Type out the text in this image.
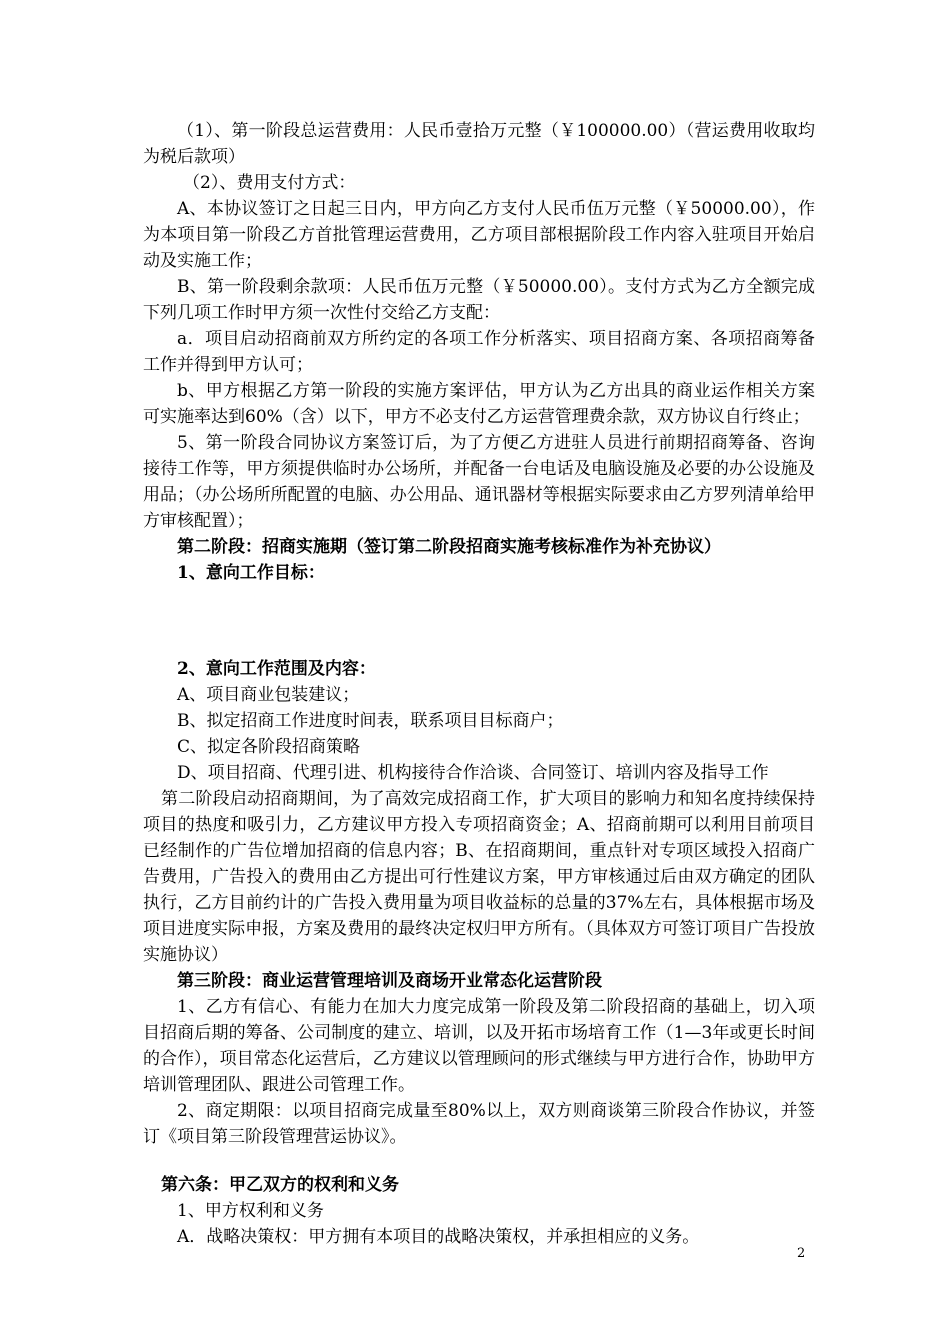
（1）、第一阶段总运营费用：人民币壹拾万元整（￥100000.00）（营运费用收取均为税后款项）

（2）、费用支付方式：

A、本协议签订之日起三日内，甲方向乙方支付人民币伍万元整（￥50000.00），作为本项目第一阶段乙方首批管理运营费用，乙方项目部根据阶段工作内容入驻项目开始启动及实施工作；

B、第一阶段剩余款项：人民币伍万元整（￥50000.00）。支付方式为乙方全额完成下列几项工作时甲方须一次性付交给乙方支配：

a．项目启动招商前双方所约定的各项工作分析落实、项目招商方案、各项招商筹备工作并得到甲方认可；

b、甲方根据乙方第一阶段的实施方案评估，甲方认为乙方出具的商业运作相关方案可实施率达到60%（含）以下，甲方不必支付乙方运营管理费余款，双方协议自行终止；

5、第一阶段合同协议方案签订后，为了方便乙方进驻人员进行前期招商筹备、咨询接待工作等，甲方须提供临时办公场所，并配备一台电话及电脑设施及必要的办公设施及用品；（办公场所所配置的电脑、办公用品、通讯器材等根据实际要求由乙方罗列清单给甲方审核配置）；

第二阶段：招商实施期（签订第二阶段招商实施考核标准作为补充协议）

1、意向工作目标：

2、意向工作范围及内容：

A、项目商业包装建议；

B、拟定招商工作进度时间表，联系项目目标商户；

C、拟定各阶段招商策略

D、项目招商、代理引进、机构接待合作洽谈、合同签订、培训内容及指导工作

第二阶段启动招商期间，为了高效完成招商工作，扩大项目的影响力和知名度持续保持项目的热度和吸引力，乙方建议甲方投入专项招商资金；A、招商前期可以利用目前项目已经制作的广告位增加招商的信息内容；B、在招商期间，重点针对专项区域投入招商广告费用，广告投入的费用由乙方提出可行性建议方案，甲方审核通过后由双方确定的团队执行，乙方目前约计的广告投入费用量为项目收益标的总量的37%左右，具体根据市场及项目进度实际申报，方案及费用的最终决定权归甲方所有。（具体双方可签订项目广告投放实施协议）

第三阶段：商业运营管理培训及商场开业常态化运营阶段

1、乙方有信心、有能力在加大力度完成第一阶段及第二阶段招商的基础上，切入项目招商后期的筹备、公司制度的建立、培训，以及开拓市场培育工作（1—3年或更长时间的合作），项目常态化运营后，乙方建议以管理顾问的形式继续与甲方进行合作，协助甲方培训管理团队、跟进公司管理工作。

2、商定期限：以项目招商完成量至80%以上，双方则商谈第三阶段合作协议，并签订《项目第三阶段管理营运协议》。

第六条：甲乙双方的权利和义务

1、甲方权利和义务

A．战略决策权：甲方拥有本项目的战略决策权，并承担相应的义务。

2
